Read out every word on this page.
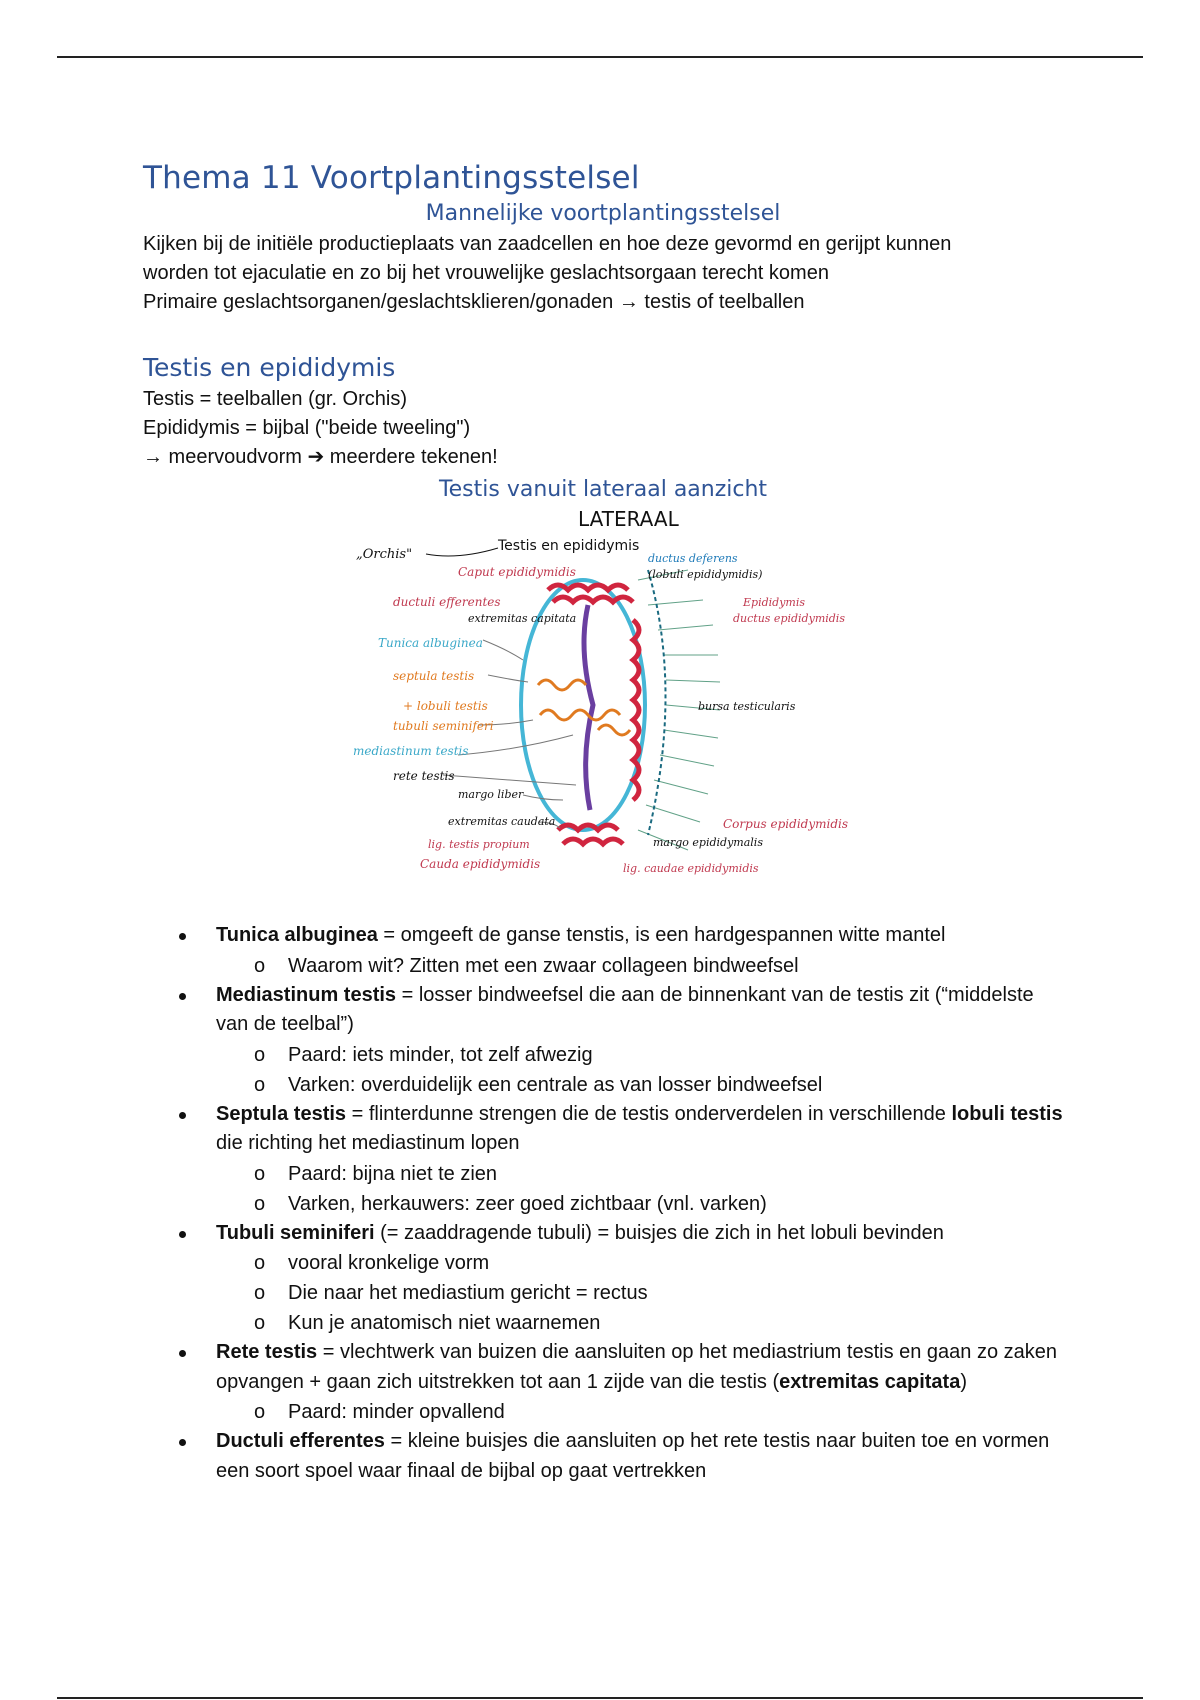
Thema 11 Voortplantingsstelsel
Mannelijke voortplantingsstelsel

Kijken bij de initiële productieplaats van zaadcellen en hoe deze gevormd en gerijpt kunnen

worden tot ejaculatie en zo bij het vrouwelijke geslachtsorgaan terecht komen

Primaire geslachtsorganen/geslachtsklieren/gonaden → testis of teelballen

Testis en epididymis

Testis = teelballen (gr. Orchis)

Epididymis = bijbal ("beide tweeling")

→ meervoudvorm ➔ meerdere tekenen!

Testis vanuit lateraal aanzicht
LATERAAL
Testis en epididymis
„Orchis"
Caput epididymidis
ductuli efferentes
extremitas capitata
Tunica albuginea
septula testis
+ lobuli testis
tubuli seminiferi
mediastinum testis
rete testis
margo liber
extremitas caudata
lig. testis propium
Cauda epididymidis
ductus deferens
(lobuli epididymidis)
Epididymis
ductus epididymidis
bursa testicularis
Corpus epididymidis
margo epididymalis
lig. caudae epididymidis
Tunica albuginea = omgeeft de ganse tenstis, is een hardgespannen witte mantel
o Waarom wit? Zitten met een zwaar collageen bindweefsel
Mediastinum testis = losser bindweefsel die aan de binnenkant van de testis zit (“middelste van de teelbal”)
o Paard: iets minder, tot zelf afwezig
o Varken: overduidelijk een centrale as van losser bindweefsel
Septula testis = flinterdunne strengen die de testis onderverdelen in verschillende lobuli testis die richting het mediastinum lopen
o Paard: bijna niet te zien
o Varken, herkauwers: zeer goed zichtbaar (vnl. varken)
Tubuli seminiferi (= zaaddragende tubuli) = buisjes die zich in het lobuli bevinden
o vooral kronkelige vorm
o Die naar het mediastium gericht = rectus
o Kun je anatomisch niet waarnemen
Rete testis = vlechtwerk van buizen die aansluiten op het mediastrium testis en gaan zo zaken opvangen + gaan zich uitstrekken tot aan 1 zijde van die testis (extremitas capitata)
o Paard: minder opvallend
Ductuli efferentes = kleine buisjes die aansluiten op het rete testis naar buiten toe en vormen een soort spoel waar finaal de bijbal op gaat vertrekken
